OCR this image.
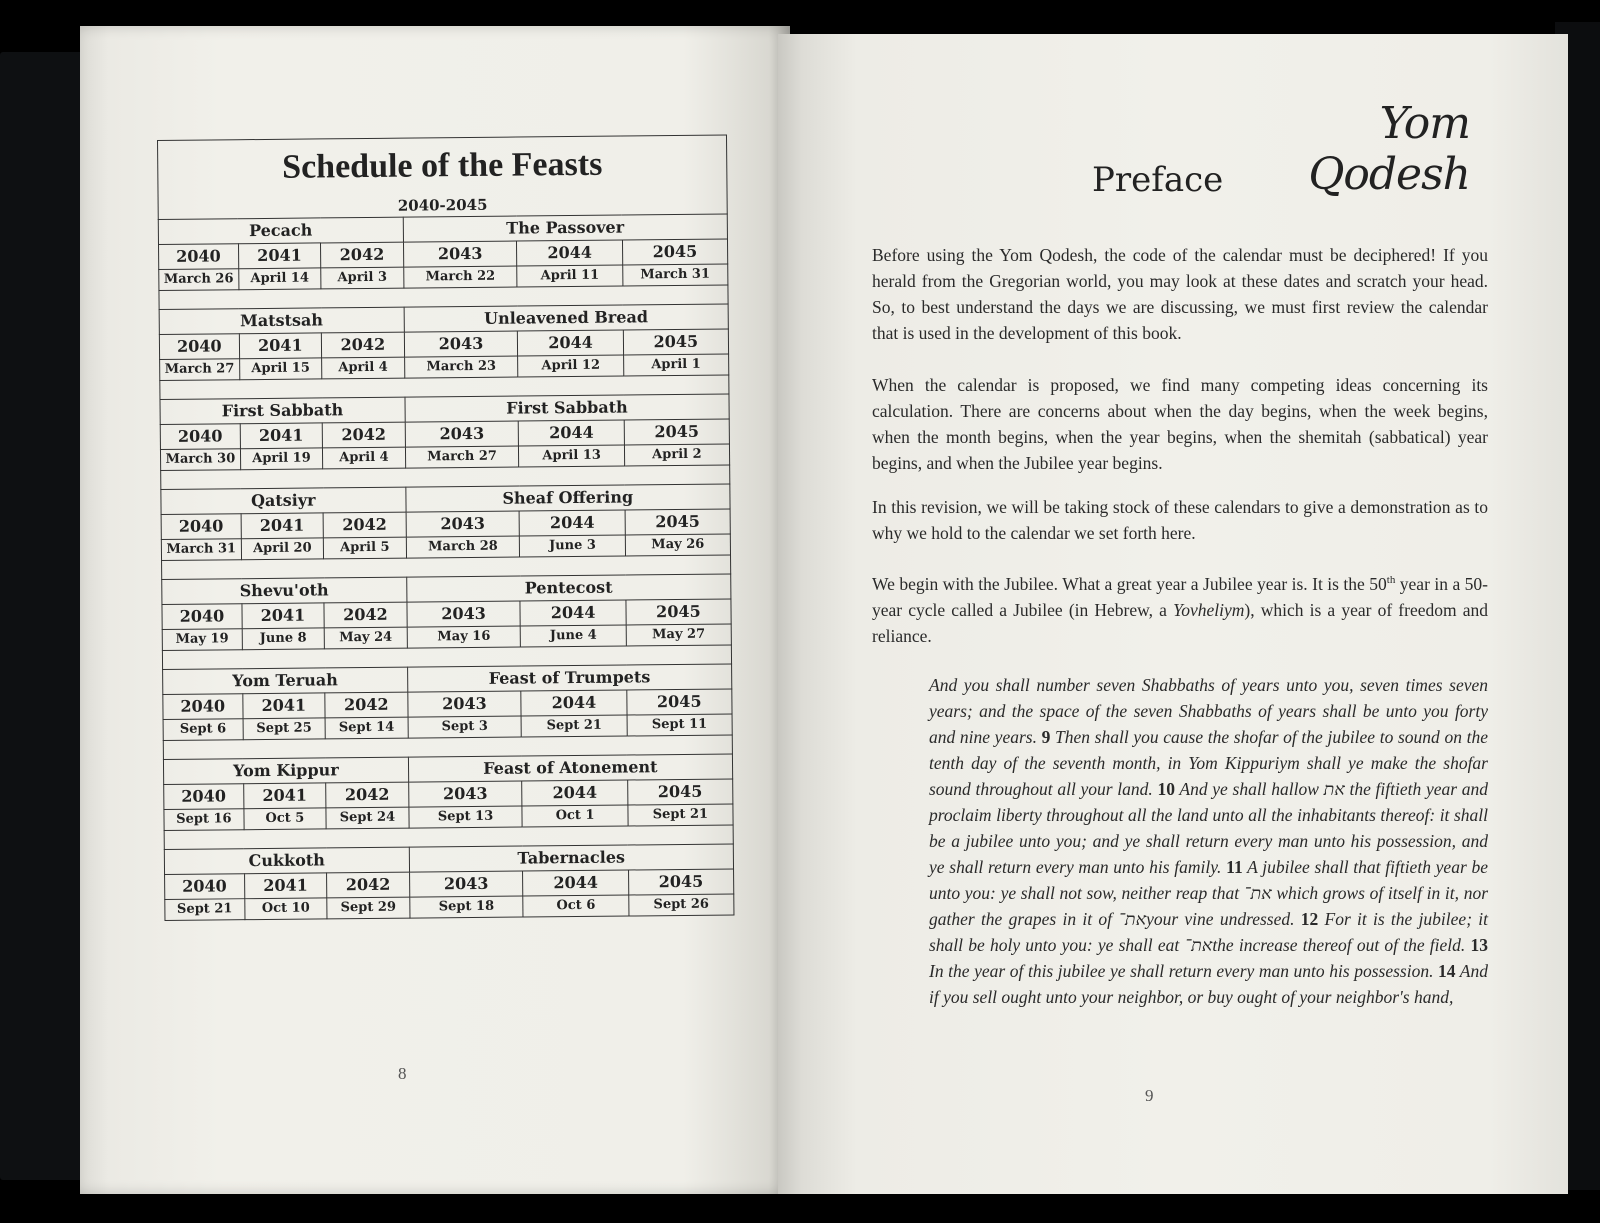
Schedule of the Feasts					
2040-2045					
Pecach			The Passover		
2040	2041	2042	2043	2044	2045
March 26	April 14	April 3	March 22	April 11	March 31

Matstsah			Unleavened Bread		
2040	2041	2042	2043	2044	2045
March 27	April 15	April 4	March 23	April 12	April 1

First Sabbath			First Sabbath		
2040	2041	2042	2043	2044	2045
March 30	April 19	April 4	March 27	April 13	April 2

Qatsiyr			Sheaf Offering		
2040	2041	2042	2043	2044	2045
March 31	April 20	April 5	March 28	June 3	May 26

Shevu'oth			Pentecost		
2040	2041	2042	2043	2044	2045
May 19	June 8	May 24	May 16	June 4	May 27

Yom Teruah			Feast of Trumpets		
2040	2041	2042	2043	2044	2045
Sept 6	Sept 25	Sept 14	Sept 3	Sept 21	Sept 11

Yom Kippur			Feast of Atonement		
2040	2041	2042	2043	2044	2045
Sept 16	Oct 5	Sept 24	Sept 13	Oct 1	Sept 21

Cukkoth			Tabernacles		
2040	2041	2042	2043	2044	2045
Sept 21	Oct 10	Sept 29	Sept 18	Oct 6	Sept 26
8
Yom Qodesh
Preface
Before using the Yom Qodesh, the code of the calendar must be deciphered! If you herald from the Gregorian world, you may look at these dates and scratch your head. So, to best understand the days we are discussing, we must first review the calendar that is used in the development of this book.
When the calendar is proposed, we find many competing ideas concerning its calculation. There are concerns about when the day begins, when the week begins, when the month begins, when the year begins, when the shemitah (sabbatical) year begins, and when the Jubilee year begins.
In this revision, we will be taking stock of these calendars to give a demonstration as to why we hold to the calendar we set forth here.
We begin with the Jubilee. What a great year a Jubilee year is. It is the 50th year in a 50-year cycle called a Jubilee (in Hebrew, a Yovheliym), which is a year of freedom and reliance.
And you shall number seven Shabbaths of years unto you, seven times seven years; and the space of the seven Shabbaths of years shall be unto you forty and nine years. 9 Then shall you cause the shofar of the jubilee to sound on the tenth day of the seventh month, in Yom Kippuriym shall ye make the shofar sound throughout all your land. 10 And ye shall hallow את the fiftieth year and proclaim liberty throughout all the land unto all the inhabitants thereof: it shall be a jubilee unto you; and ye shall return every man unto his possession, and ye shall return every man unto his family. 11 A jubilee shall that fiftieth year be unto you: ye shall not sow, neither reap that את־ which grows of itself in it, nor gather the grapes in it of את־your vine undressed. 12 For it is the jubilee; it shall be holy unto you: ye shall eat את־the increase thereof out of the field. 13 In the year of this jubilee ye shall return every man unto his possession. 14 And if you sell ought unto your neighbor, or buy ought of your neighbor's hand,
9
